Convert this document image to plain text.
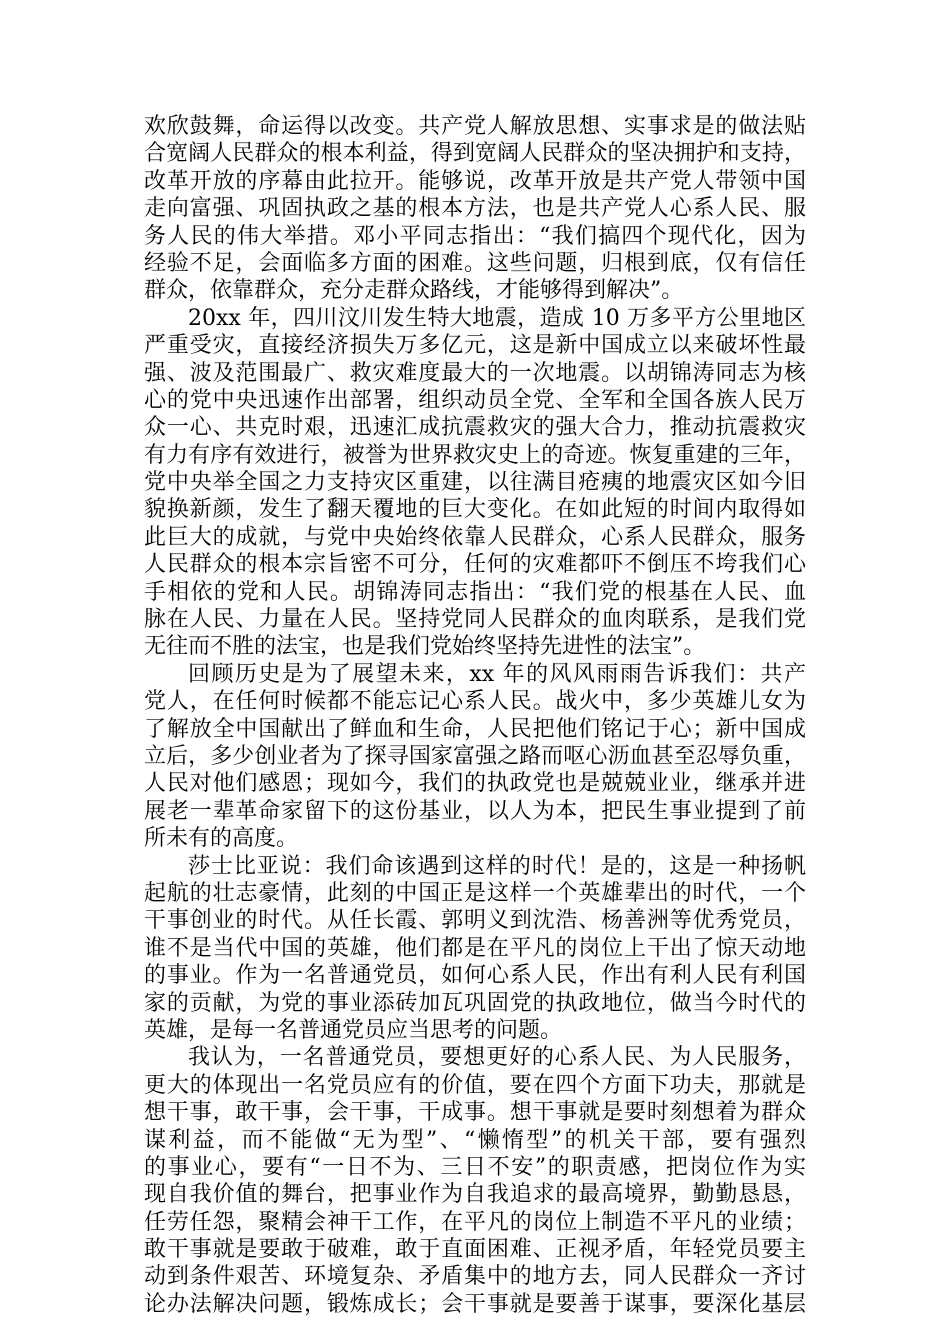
欢欣鼓舞，命运得以改变。共产党人解放思想、实事求是的做法贴
合宽阔人民群众的根本利益，得到宽阔人民群众的坚决拥护和支持，
改革开放的序幕由此拉开。能够说，改革开放是共产党人带领中国
走向富强、巩固执政之基的根本方法，也是共产党人心系人民、服
务人民的伟大举措。邓小平同志指出：“我们搞四个现代化，因为
经验不足，会面临多方面的困难。这些问题，归根到底，仅有信任
群众，依靠群众，充分走群众路线，才能够得到解决”。
20xx 年，四川汶川发生特大地震，造成 10 万多平方公里地区
严重受灾，直接经济损失万多亿元，这是新中国成立以来破坏性最
强、波及范围最广、救灾难度最大的一次地震。以胡锦涛同志为核
心的党中央迅速作出部署，组织动员全党、全军和全国各族人民万
众一心、共克时艰，迅速汇成抗震救灾的强大合力，推动抗震救灾
有力有序有效进行，被誉为世界救灾史上的奇迹。恢复重建的三年，
党中央举全国之力支持灾区重建，以往满目疮痍的地震灾区如今旧
貌换新颜，发生了翻天覆地的巨大变化。在如此短的时间内取得如
此巨大的成就，与党中央始终依靠人民群众，心系人民群众，服务
人民群众的根本宗旨密不可分，任何的灾难都吓不倒压不垮我们心
手相依的党和人民。胡锦涛同志指出：“我们党的根基在人民、血
脉在人民、力量在人民。坚持党同人民群众的血肉联系，是我们党
无往而不胜的法宝，也是我们党始终坚持先进性的法宝”。
回顾历史是为了展望未来，xx 年的风风雨雨告诉我们：共产
党人，在任何时候都不能忘记心系人民。战火中，多少英雄儿女为
了解放全中国献出了鲜血和生命，人民把他们铭记于心；新中国成
立后，多少创业者为了探寻国家富强之路而呕心沥血甚至忍辱负重，
人民对他们感恩；现如今，我们的执政党也是兢兢业业，继承并进
展老一辈革命家留下的这份基业，以人为本，把民生事业提到了前
所未有的高度。
莎士比亚说：我们命该遇到这样的时代！是的，这是一种扬帆
起航的壮志豪情，此刻的中国正是这样一个英雄辈出的时代，一个
干事创业的时代。从任长霞、郭明义到沈浩、杨善洲等优秀党员，
谁不是当代中国的英雄，他们都是在平凡的岗位上干出了惊天动地
的事业。作为一名普通党员，如何心系人民，作出有利人民有利国
家的贡献，为党的事业添砖加瓦巩固党的执政地位，做当今时代的
英雄，是每一名普通党员应当思考的问题。
我认为，一名普通党员，要想更好的心系人民、为人民服务，
更大的体现出一名党员应有的价值，要在四个方面下功夫，那就是
想干事，敢干事，会干事，干成事。想干事就是要时刻想着为群众
谋利益，而不能做“无为型”、“懒惰型”的机关干部，要有强烈
的事业心，要有“一日不为、三日不安”的职责感，把岗位作为实
现自我价值的舞台，把事业作为自我追求的最高境界，勤勤恳恳，
任劳任怨，聚精会神干工作，在平凡的岗位上制造不平凡的业绩；
敢干事就是要敢于破难，敢于直面困难、正视矛盾，年轻党员要主
动到条件艰苦、环境复杂、矛盾集中的地方去，同人民群众一齐讨
论办法解决问题，锻炼成长；会干事就是要善于谋事，要深化基层
